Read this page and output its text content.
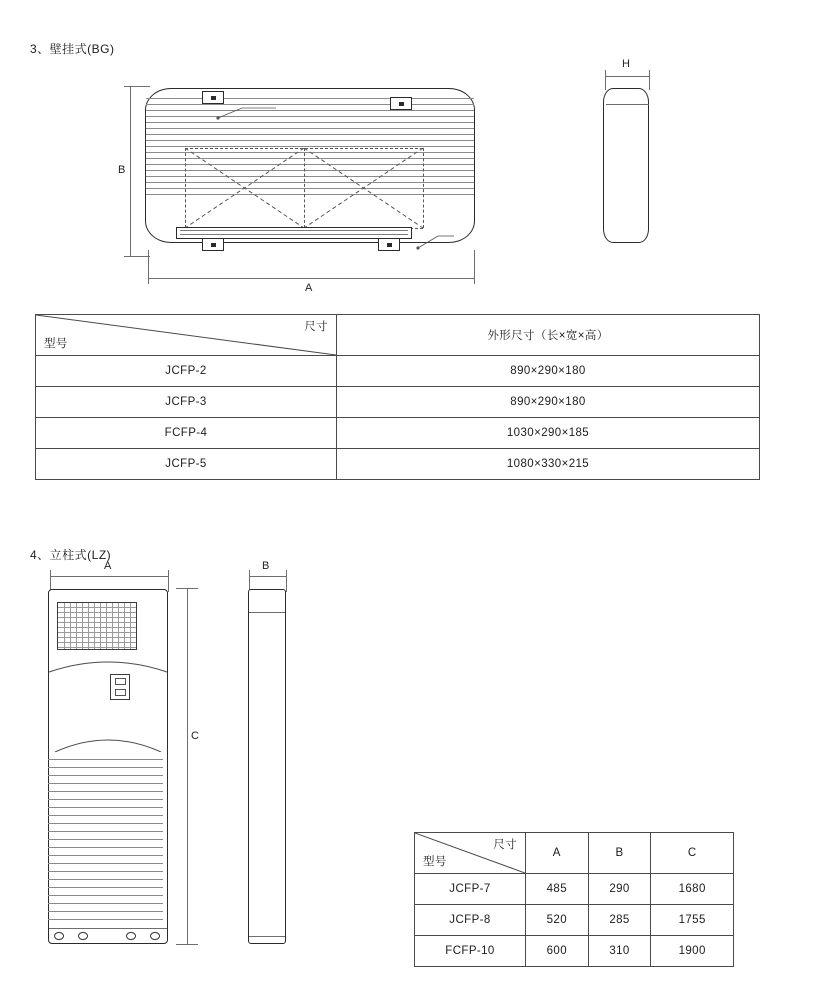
3、壁挂式(BG)
B
A
H
型号
尺寸	外形尺寸（长×宽×高）
JCFP-2	890×290×180
JCFP-3	890×290×180
FCFP-4	1030×290×185
JCFP-5	1080×330×215
4、立柱式(LZ)
A	B
C
型号
尺寸	A	B	C
JCFP-7	485	290	1680
JCFP-8	520	285	1755
FCFP-10	600	310	1900
